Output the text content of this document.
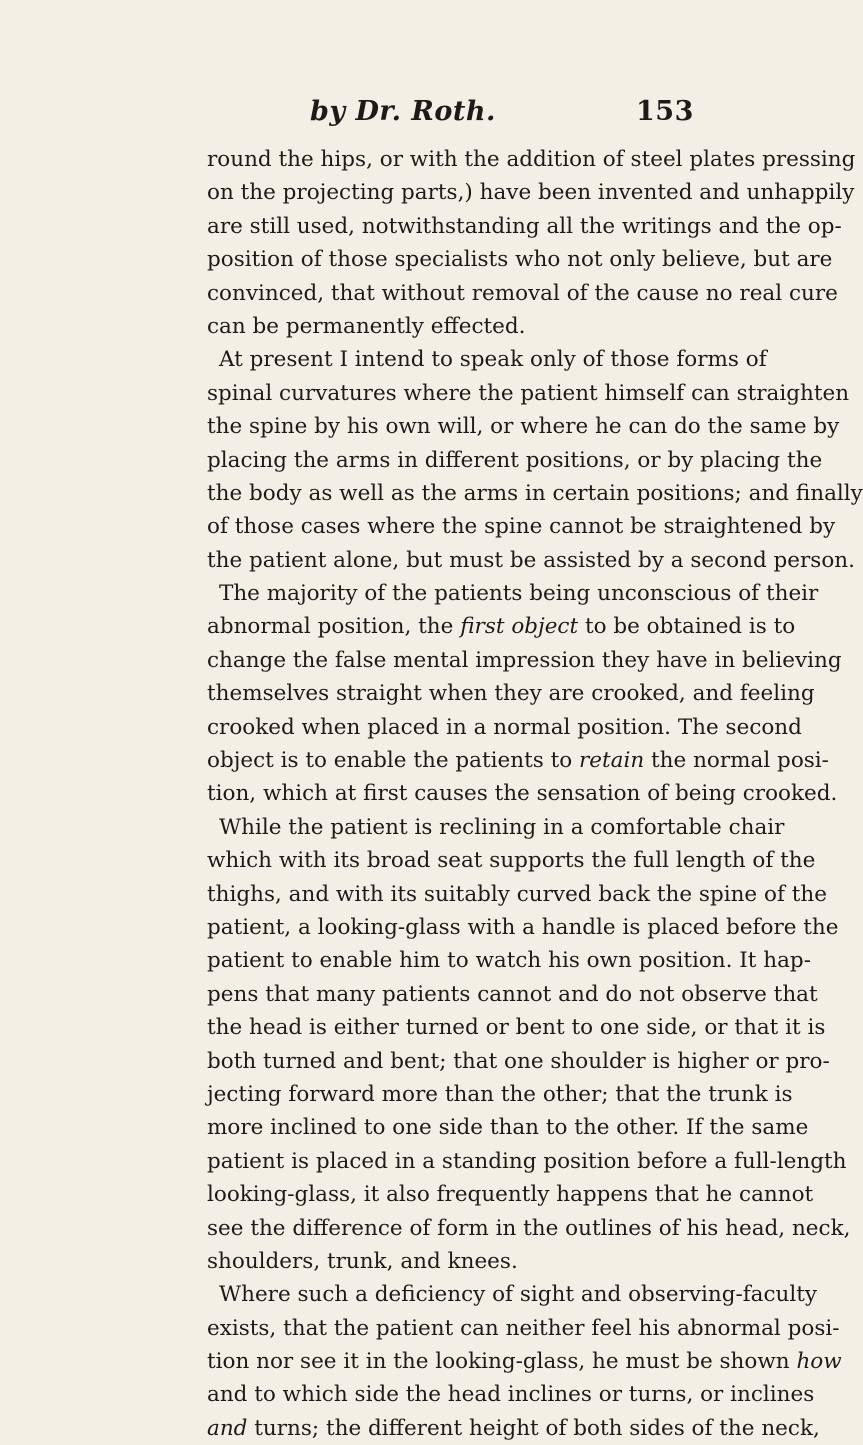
by Dr. Roth.	153
round the hips, or with the addition of steel plates pressing
on the projecting parts,) have been invented and unhappily
are still used, notwithstanding all the writings and the op-
position of those specialists who not only believe, but are
convinced, that without removal of the cause no real cure
can be permanently effected.
At present I intend to speak only of those forms of
spinal curvatures where the patient himself can straighten
the spine by his own will, or where he can do the same by
placing the arms in different positions, or by placing the
the body as well as the arms in certain positions; and finally
of those cases where the spine cannot be straightened by
the patient alone, but must be assisted by a second person.
The majority of the patients being unconscious of their
abnormal position, the first object to be obtained is to
change the false mental impression they have in believing
themselves straight when they are crooked, and feeling
crooked when placed in a normal position. The second
object is to enable the patients to retain the normal posi-
tion, which at first causes the sensation of being crooked.
While the patient is reclining in a comfortable chair
which with its broad seat supports the full length of the
thighs, and with its suitably curved back the spine of the
patient, a looking-glass with a handle is placed before the
patient to enable him to watch his own position. It hap-
pens that many patients cannot and do not observe that
the head is either turned or bent to one side, or that it is
both turned and bent; that one shoulder is higher or pro-
jecting forward more than the other; that the trunk is
more inclined to one side than to the other. If the same
patient is placed in a standing position before a full-length
looking-glass, it also frequently happens that he cannot
see the difference of form in the outlines of his head, neck,
shoulders, trunk, and knees.
Where such a deficiency of sight and observing-faculty
exists, that the patient can neither feel his abnormal posi-
tion nor see it in the looking-glass, he must be shown how
and to which side the head inclines or turns, or inclines
and turns; the different height of both sides of the neck,
